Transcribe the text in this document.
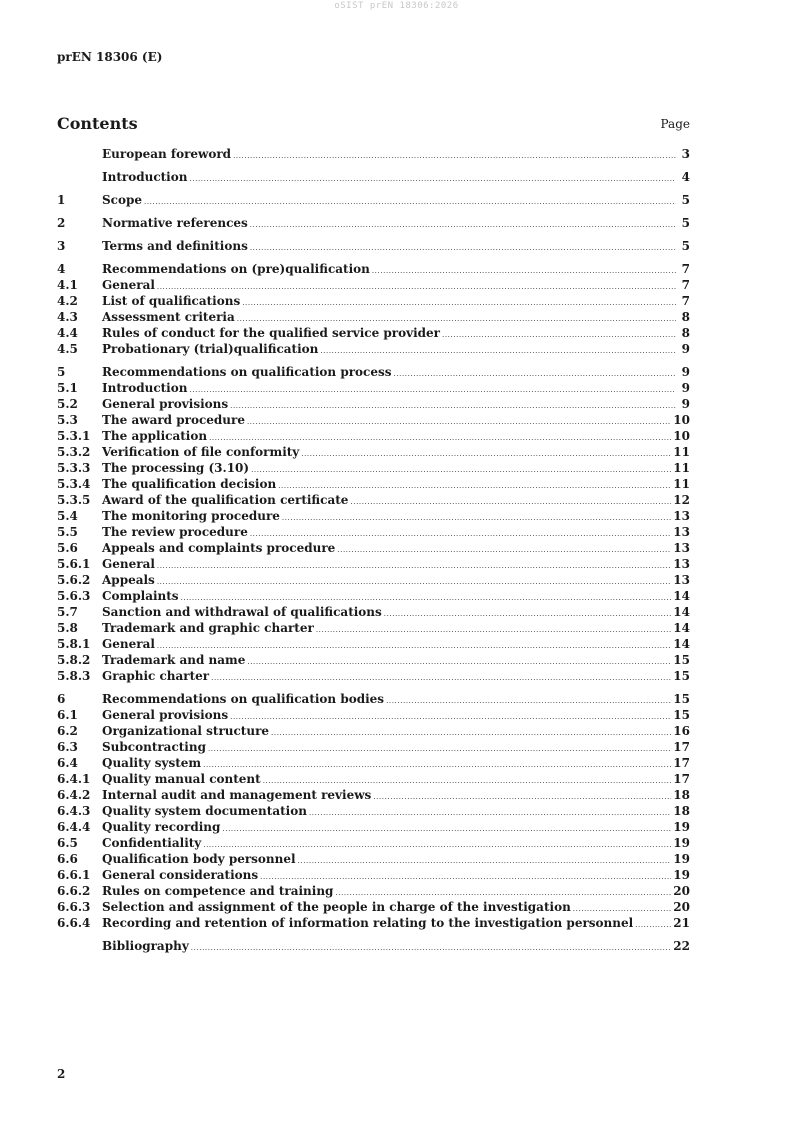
oSIST prEN 18306:2026
prEN 18306 (E)
Contents	Page
European foreword .....	3
Introduction .....	4
1	Scope .....	5
2	Normative references .....	5
3	Terms and definitions .....	5
4	Recommendations on (pre)qualification .....	7
4.1	General .....	7
4.2	List of qualifications .....	7
4.3	Assessment criteria .....	8
4.4	Rules of conduct for the qualified service provider .....	8
4.5	Probationary (trial)qualification .....	9
5	Recommendations on qualification process .....	9
5.1	Introduction .....	9
5.2	General provisions .....	9
5.3	The award procedure .....	10
5.3.1 The application .....	10
5.3.2 Verification of file conformity .....	11
5.3.3 The processing (3.10) .....	11
5.3.4 The qualification decision .....	11
5.3.5 Award of the qualification certificate .....	12
5.4	The monitoring procedure .....	13
5.5	The review procedure .....	13
5.6	Appeals and complaints procedure .....	13
5.6.1 General .....	13
5.6.2 Appeals .....	13
5.6.3 Complaints .....	14
5.7	Sanction and withdrawal of qualifications .....	14
5.8	Trademark and graphic charter .....	14
5.8.1 General .....	14
5.8.2 Trademark and name .....	15
5.8.3 Graphic charter .....	15
6	Recommendations on qualification bodies .....	15
6.1	General provisions .....	15
6.2	Organizational structure .....	16
6.3	Subcontracting .....	17
6.4	Quality system .....	17
6.4.1 Quality manual content .....	17
6.4.2 Internal audit and management reviews .....	18
6.4.3 Quality system documentation .....	18
6.4.4 Quality recording .....	19
6.5	Confidentiality .....	19
6.6	Qualification body personnel .....	19
6.6.1 General considerations .....	19
6.6.2 Rules on competence and training .....	20
6.6.3 Selection and assignment of the people in charge of the investigation .....	20
6.6.4 Recording and retention of information relating to the investigation personnel .....	21
Bibliography .....	22
2
